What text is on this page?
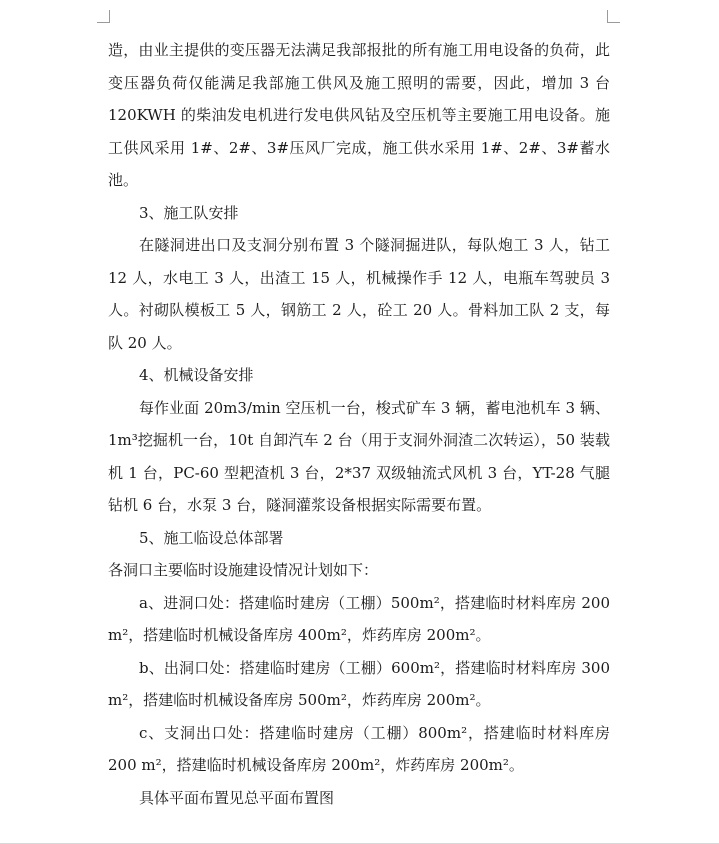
造，由业主提供的变压器无法满足我部报批的所有施工用电设备的负荷，此变压器负荷仅能满足我部施工供风及施工照明的需要，因此，增加 3 台 120KWH 的柴油发电机进行发电供风钻及空压机等主要施工用电设备。施工供风采用 1#、2#、3#压风厂完成，施工供水采用 1#、2#、3#蓄水池。

3、施工队安排

在隧洞进出口及支洞分别布置 3 个隧洞掘进队，每队炮工 3 人，钻工 12 人，水电工 3 人，出渣工 15 人，机械操作手 12 人，电瓶车驾驶员 3 人。衬砌队模板工 5 人，钢筋工 2 人，砼工 20 人。骨料加工队 2 支，每队 20 人。

4、机械设备安排

每作业面 20m3/min 空压机一台，梭式矿车 3 辆，蓄电池机车 3 辆、1m³挖掘机一台，10t 自卸汽车 2 台（用于支洞外洞渣二次转运），50 装载机 1 台，PC-60 型耙渣机 3 台，2*37 双级轴流式风机 3 台，YT-28 气腿钻机 6 台，水泵 3 台，隧洞灌浆设备根据实际需要布置。

5、施工临设总体部署

各洞口主要临时设施建设情况计划如下：

a、进洞口处：搭建临时建房（工棚）500m²，搭建临时材料库房 200 m²，搭建临时机械设备库房 400m²，炸药库房 200m²。

b、出洞口处：搭建临时建房（工棚）600m²，搭建临时材料库房 300 m²，搭建临时机械设备库房 500m²，炸药库房 200m²。

c、支洞出口处：搭建临时建房（工棚）800m²，搭建临时材料库房 200 m²，搭建临时机械设备库房 200m²，炸药库房 200m²。

具体平面布置见总平面布置图
